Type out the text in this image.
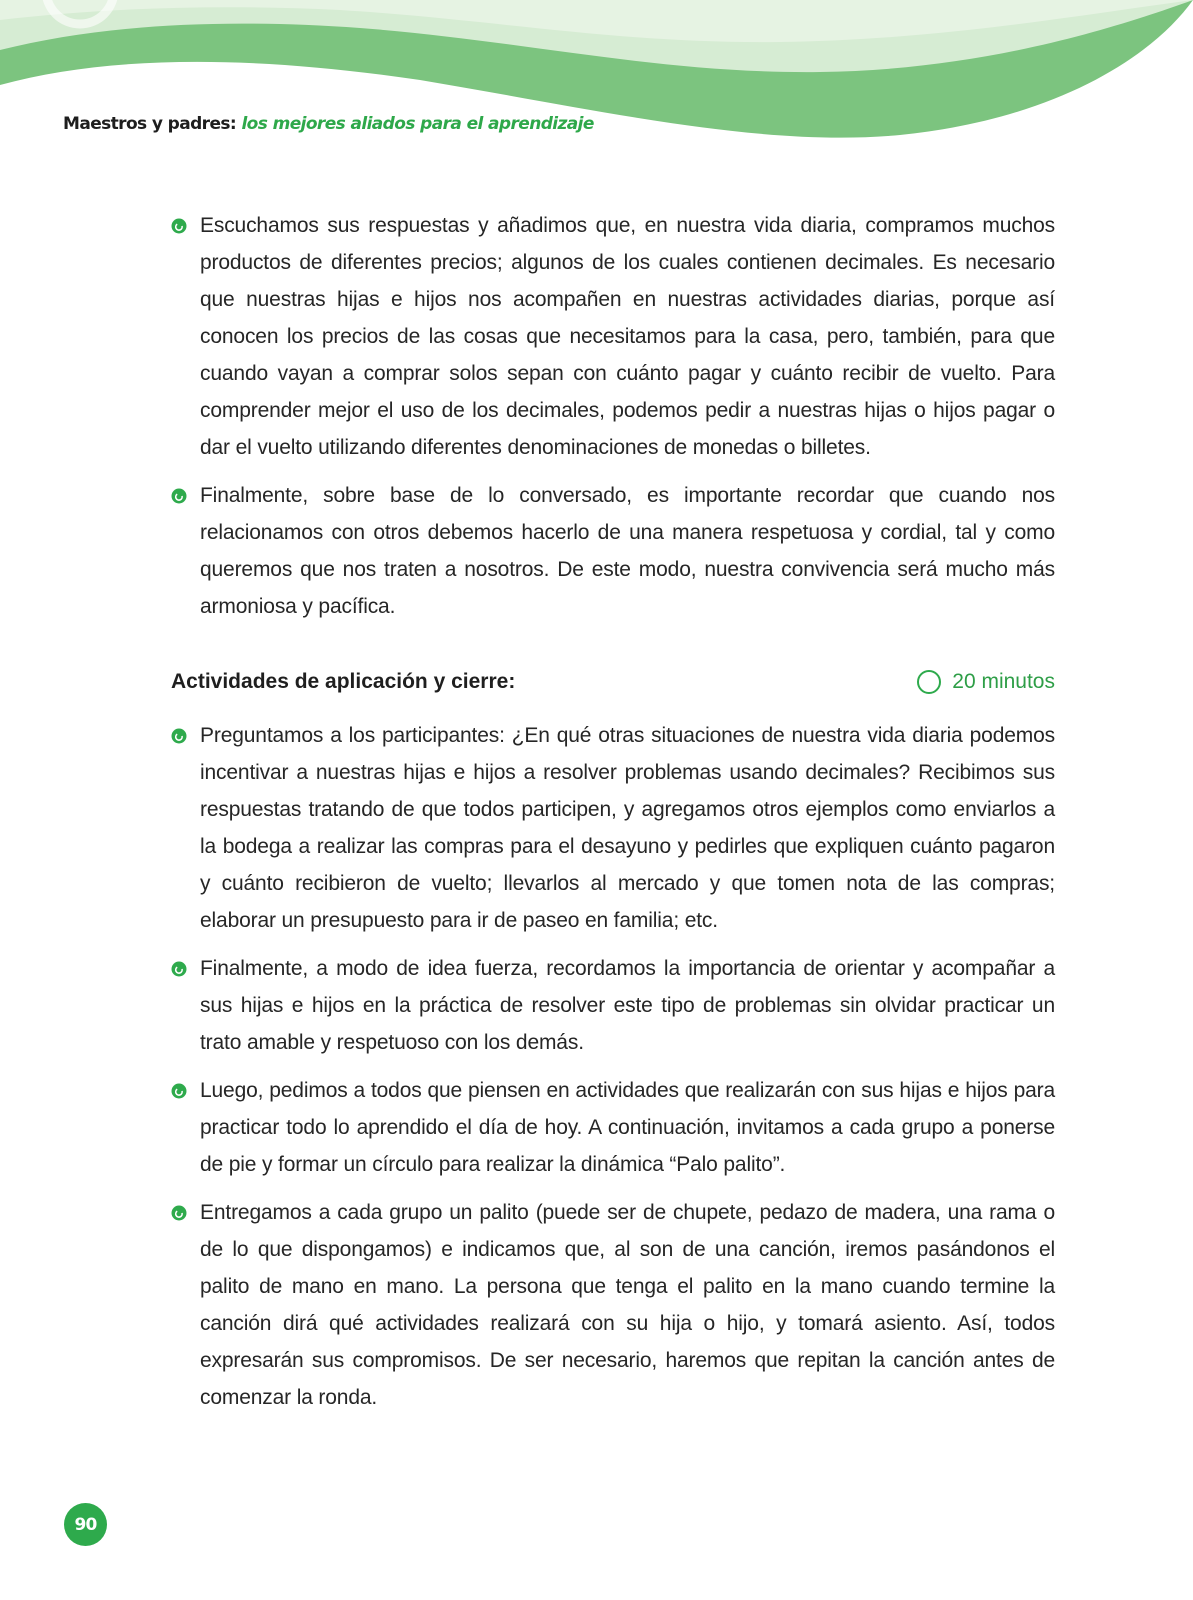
Maestros y padres: los mejores aliados para el aprendizaje
Escuchamos sus respuestas y añadimos que, en nuestra vida diaria, compramos muchos productos de diferentes precios; algunos de los cuales contienen decimales. Es necesario que nuestras hijas e hijos nos acompañen en nuestras actividades diarias, porque así conocen los precios de las cosas que necesitamos para la casa, pero, también, para que cuando vayan a comprar solos sepan con cuánto pagar y cuánto recibir de vuelto. Para comprender mejor el uso de los decimales, podemos pedir a nuestras hijas o hijos pagar o dar el vuelto utilizando diferentes denominaciones de monedas o billetes.
Finalmente, sobre base de lo conversado, es importante recordar que cuando nos relacionamos con otros debemos hacerlo de una manera respetuosa y cordial, tal y como queremos que nos traten a nosotros. De este modo, nuestra convivencia será mucho más armoniosa y pacífica.
Actividades de aplicación y cierre:	20 minutos
Preguntamos a los participantes: ¿En qué otras situaciones de nuestra vida diaria podemos incentivar a nuestras hijas e hijos a resolver problemas usando decimales? Recibimos sus respuestas tratando de que todos participen, y agregamos otros ejemplos como enviarlos a la bodega a realizar las compras para el desayuno y pedirles que expliquen cuánto pagaron y cuánto recibieron de vuelto; llevarlos al mercado y que tomen nota de las compras; elaborar un presupuesto para ir de paseo en familia; etc.
Finalmente, a modo de idea fuerza, recordamos la importancia de orientar y acompañar a sus hijas e hijos en la práctica de resolver este tipo de problemas sin olvidar practicar un trato amable y respetuoso con los demás.
Luego, pedimos a todos que piensen en actividades que realizarán con sus hijas e hijos para practicar todo lo aprendido el día de hoy. A continuación, invitamos a cada grupo a ponerse de pie y formar un círculo para realizar la dinámica “Palo palito”.
Entregamos a cada grupo un palito (puede ser de chupete, pedazo de madera, una rama o de lo que dispongamos) e indicamos que, al son de una canción, iremos pasándonos el palito de mano en mano. La persona que tenga el palito en la mano cuando termine la canción dirá qué actividades realizará con su hija o hijo, y tomará asiento. Así, todos expresarán sus compromisos. De ser necesario, haremos que repitan la canción antes de comenzar la ronda.
90
